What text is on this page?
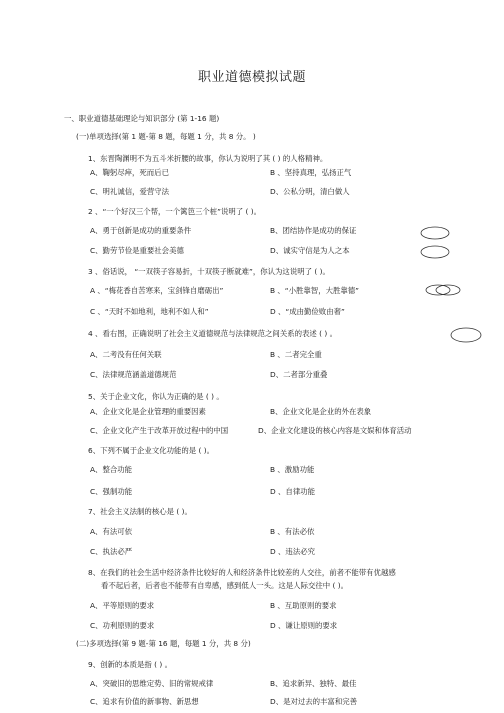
职业道德模拟试题
一、职业道德基础理论与知识部分 (第 1-16 题)
(一)单项选择(第 1 题-第 8 题，每题 1 分，共 8 分。 )
1、东晋陶渊明不为五斗米折腰的故事，你认为说明了其 ( ) 的人格精神。
A、鞠躬尽瘁，死而后已	B 、坚持真理，弘扬正气
C、明礼诚信，爱营守法	D、公私分明，清白做人
2 、“一个好汉三个帮，一个篱笆三个桩”说明了 ( )。
A、勇于创新是成功的重要条件	B、团结协作是成功的保证
C、勤劳节俭是重要社会美德	D、诚实守信是为人之本
3 、俗话说， “一双筷子容易折，十双筷子断就难”，你认为这说明了 ( )。
A 、“梅花香自苦寒来，宝剑锋自磨砺出”	B 、“小胜靠智，大胜靠德”
C 、“天时不如地利，地利不如人和”	D 、“成由勤俭败由奢”
4 、看右图，正确说明了社会主义道德规范与法律规范之间关系的表述 ( ) 。
A、二考没有任何关联	B 、二者完全重
C、法律规范涵盖道德规范	D、二者部分重叠
5、关于企业文化，你认为正确的是 ( ) 。
A、企业文化是企业管理的重要因素	B、企业文化是企业的外在表象
C、企业文化产生于改革开放过程中的中国	D、企业文化建设的核心内容是文娱和体育活动
6、下列不属于企业文化功能的是 ( )。
A、整合功能	B 、激励功能
C、强制功能	D 、自律功能
7、社会主义法制的核心是 ( )。
A、有法可依	B 、有法必依
C、执法必严	D 、违法必究
8、在我们的社会生活中经济条件比较好的人和经济条件比较差的人交往，前者不能带有优越感
看不起后者，后者也不能带有自卑感，感到低人一头。这是人际交往中 ( )。
A、平等原则的要求	B 、互助原则的要求
C、功利原则的要求	D 、谦让原则的要求
(二)多项选择(第 9 题-第 16 题，每题 1 分，共 8 分)
9、创新的本质是指 ( ) 。
A、突破旧的思维定势、旧的常规戒律	B、追求新异、独特、最佳
C、追求有价值的新事物、新思想	D、是对过去的丰富和完善
